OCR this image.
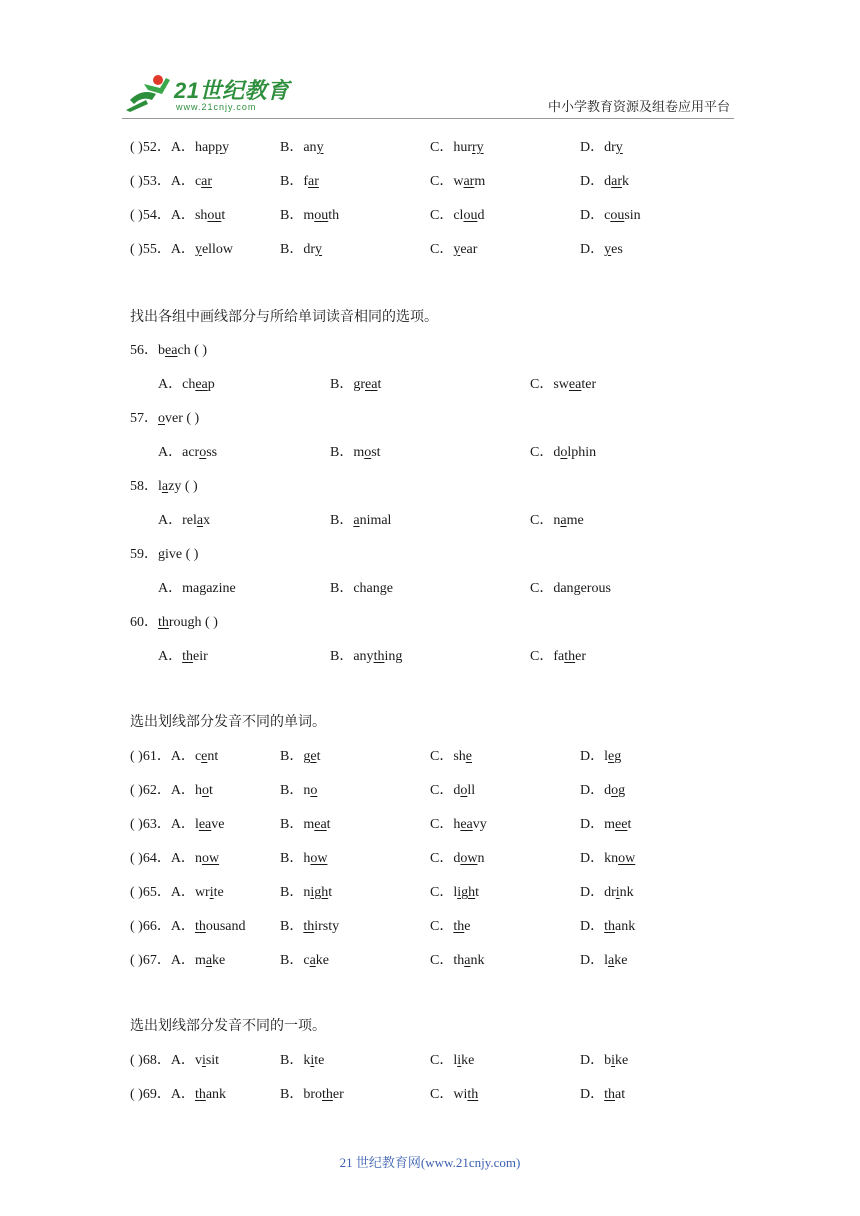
21世纪教育
www.21cnjy.com	中小学教育资源及组卷应用平台
( )52．A．happy	B．any	C．hurry	D．dry
( )53．A．car	B．far	C．warm	D．dark
( )54．A．shout	B．mouth	C．cloud	D．cousin
( )55．A．yellow	B．dry	C．year	D．yes
找出各组中画线部分与所给单词读音相同的选项。
56．beach ( )
A．cheap	B．great	C．sweater
57．over ( )
A．across	B．most	C．dolphin
58．lazy ( )
A．relax	B．animal	C．name
59．give ( )
A．magazine	B．change	C．dangerous
60．through ( )
A．their	B．anything	C．father
选出划线部分发音不同的单词。
( )61．A．cent	B．get	C．she	D．leg
( )62．A．hot	B．no	C．doll	D．dog
( )63．A．leave	B．meat	C．heavy	D．meet
( )64．A．now	B．how	C．down	D．know
( )65．A．write	B．night	C．light	D．drink
( )66．A．thousand B．thirsty	C．the	D．thank
( )67．A．make	B．cake	C．thank	D．lake
选出划线部分发音不同的一项。
( )68．A．visit	B．kite	C．like	D．bike
( )69．A．thank	B．brother	C．with	D．that
21 世纪教育网(www.21cnjy.com)
